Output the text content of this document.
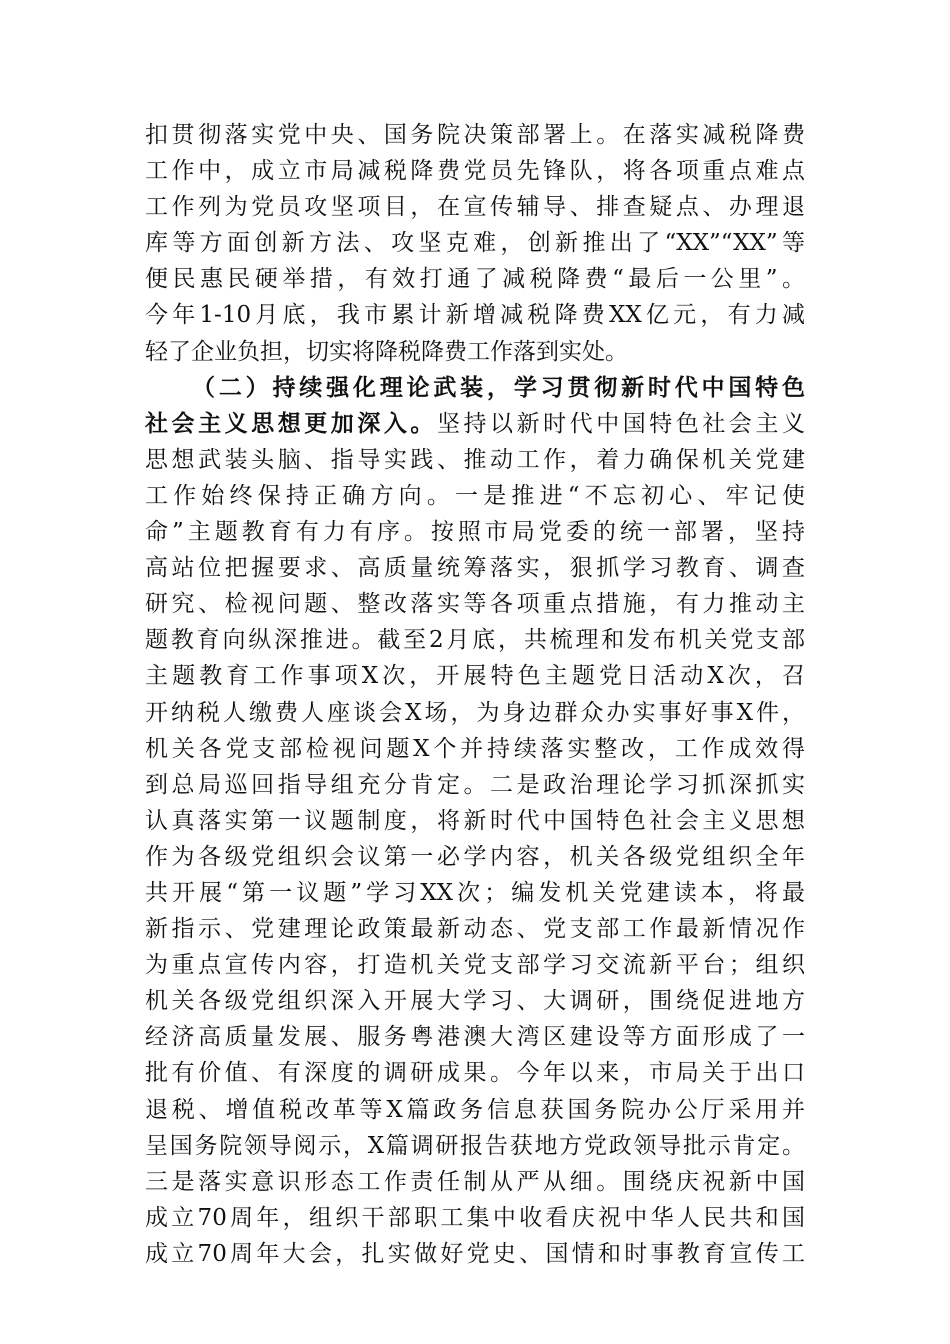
扣贯彻落实党中央、国务院决策部署上。在落实减税降费
工作中，成立市局减税降费党员先锋队，将各项重点难点
工作列为党员攻坚项目，在宣传辅导、排查疑点、办理退
库等方面创新方法、攻坚克难，创新推出了“XX”“XX”等
便民惠民硬举措，有效打通了减税降费“最后一公里”。
今年1-10月底，我市累计新增减税降费XX亿元，有力减
轻了企业负担，切实将降税降费工作落到实处。
（二）持续强化理论武装，学习贯彻新时代中国特色
社会主义思想更加深入。坚持以新时代中国特色社会主义
思想武装头脑、指导实践、推动工作，着力确保机关党建
工作始终保持正确方向。一是推进“不忘初心、牢记使
命”主题教育有力有序。按照市局党委的统一部署，坚持
高站位把握要求、高质量统筹落实，狠抓学习教育、调查
研究、检视问题、整改落实等各项重点措施，有力推动主
题教育向纵深推进。截至2月底，共梳理和发布机关党支部
主题教育工作事项X次，开展特色主题党日活动X次，召
开纳税人缴费人座谈会X场，为身边群众办实事好事X件，
机关各党支部检视问题X个并持续落实整改，工作成效得
到总局巡回指导组充分肯定。二是政治理论学习抓深抓实
认真落实第一议题制度，将新时代中国特色社会主义思想
作为各级党组织会议第一必学内容，机关各级党组织全年
共开展“第一议题”学习XX次；编发机关党建读本，将最
新指示、党建理论政策最新动态、党支部工作最新情况作
为重点宣传内容，打造机关党支部学习交流新平台；组织
机关各级党组织深入开展大学习、大调研，围绕促进地方
经济高质量发展、服务粤港澳大湾区建设等方面形成了一
批有价值、有深度的调研成果。今年以来，市局关于出口
退税、增值税改革等X篇政务信息获国务院办公厅采用并
呈国务院领导阅示，X篇调研报告获地方党政领导批示肯定。
三是落实意识形态工作责任制从严从细。围绕庆祝新中国
成立70周年，组织干部职工集中收看庆祝中华人民共和国
成立70周年大会，扎实做好党史、国情和时事教育宣传工
